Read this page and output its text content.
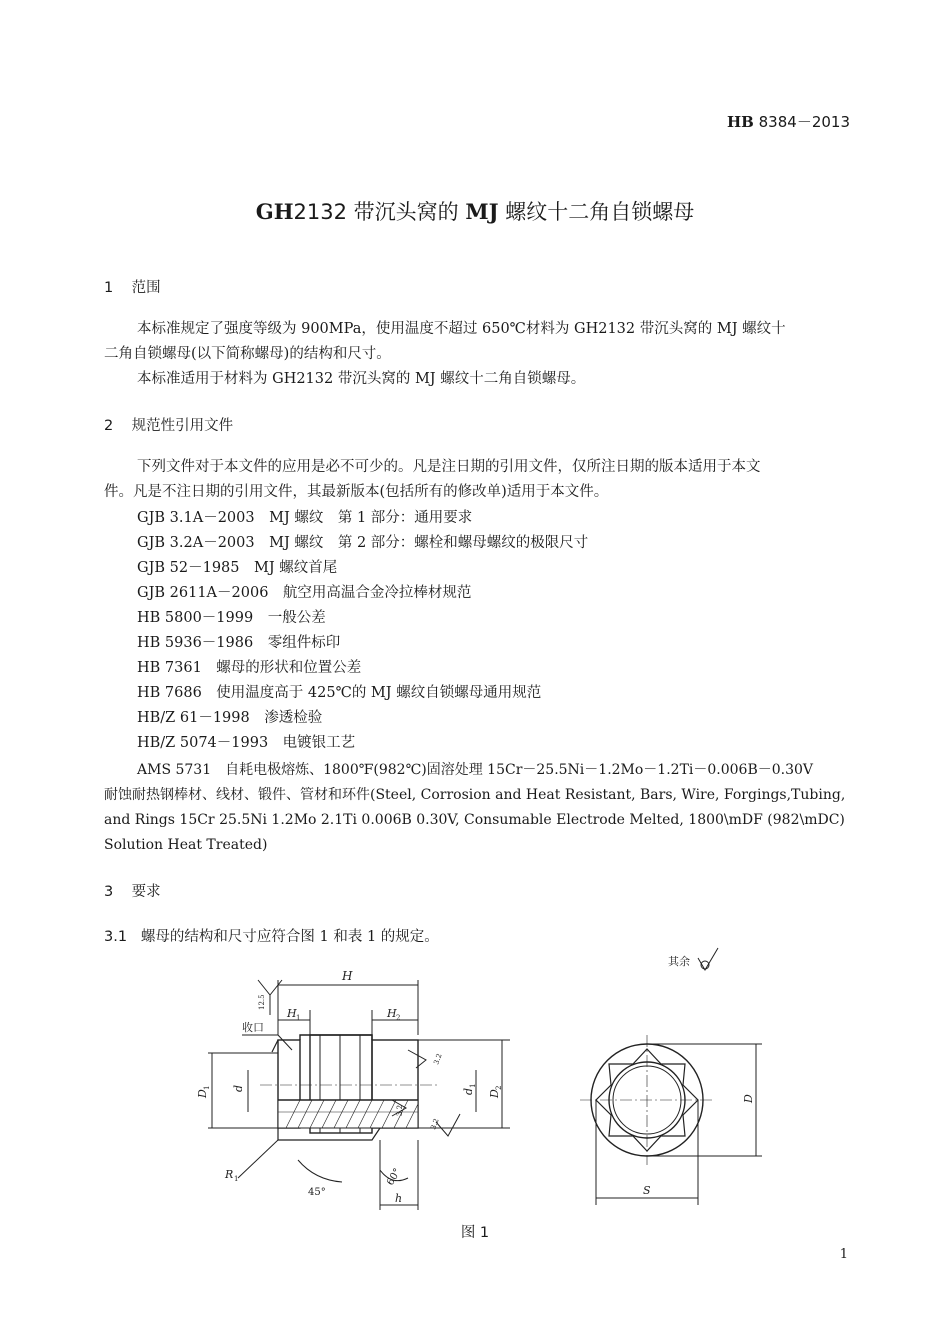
HB 8384－2013
GH2132 带沉头窝的 MJ 螺纹十二角自锁螺母
1 范围
本标准规定了强度等级为 900MPa，使用温度不超过 650℃材料为 GH2132 带沉头窝的 MJ 螺纹十
二角自锁螺母(以下简称螺母)的结构和尺寸。
本标准适用于材料为 GH2132 带沉头窝的 MJ 螺纹十二角自锁螺母。
2 规范性引用文件
下列文件对于本文件的应用是必不可少的。凡是注日期的引用文件，仅所注日期的版本适用于本文
件。凡是不注日期的引用文件，其最新版本(包括所有的修改单)适用于本文件。
GJB 3.1A－2003　MJ 螺纹　第 1 部分：通用要求
GJB 3.2A－2003　MJ 螺纹　第 2 部分：螺栓和螺母螺纹的极限尺寸
GJB 52－1985　MJ 螺纹首尾
GJB 2611A－2006　航空用高温合金冷拉棒材规范
HB 5800－1999　一般公差
HB 5936－1986　零组件标印
HB 7361　螺母的形状和位置公差
HB 7686　使用温度高于 425℃的 MJ 螺纹自锁螺母通用规范
HB/Z 61－1998　渗透检验
HB/Z 5074－1993　电镀银工艺
AMS 5731　自耗电极熔炼、1800℉(982℃)固溶处理 15Cr－25.5Ni－1.2Mo－1.2Ti－0.006B－0.30V
耐蚀耐热钢棒材、线材、锻件、管材和环件(Steel, Corrosion and Heat Resistant, Bars, Wire, Forgings,Tubing,
and Rings 15Cr 25.5Ni 1.2Mo 2.1Ti 0.006B 0.30V, Consumable Electrode Melted, 1800\mDF (982\mDC)
Solution Heat Treated)
3 要求
3.1 螺母的结构和尺寸应符合图 1 和表 1 的规定。
其余
H
H 1	H 2
12.5
收口
D
1 d	d
1
D
2
3.2
3.2
3.2
R 1
45°
60°
h
D
S
图 1
1
